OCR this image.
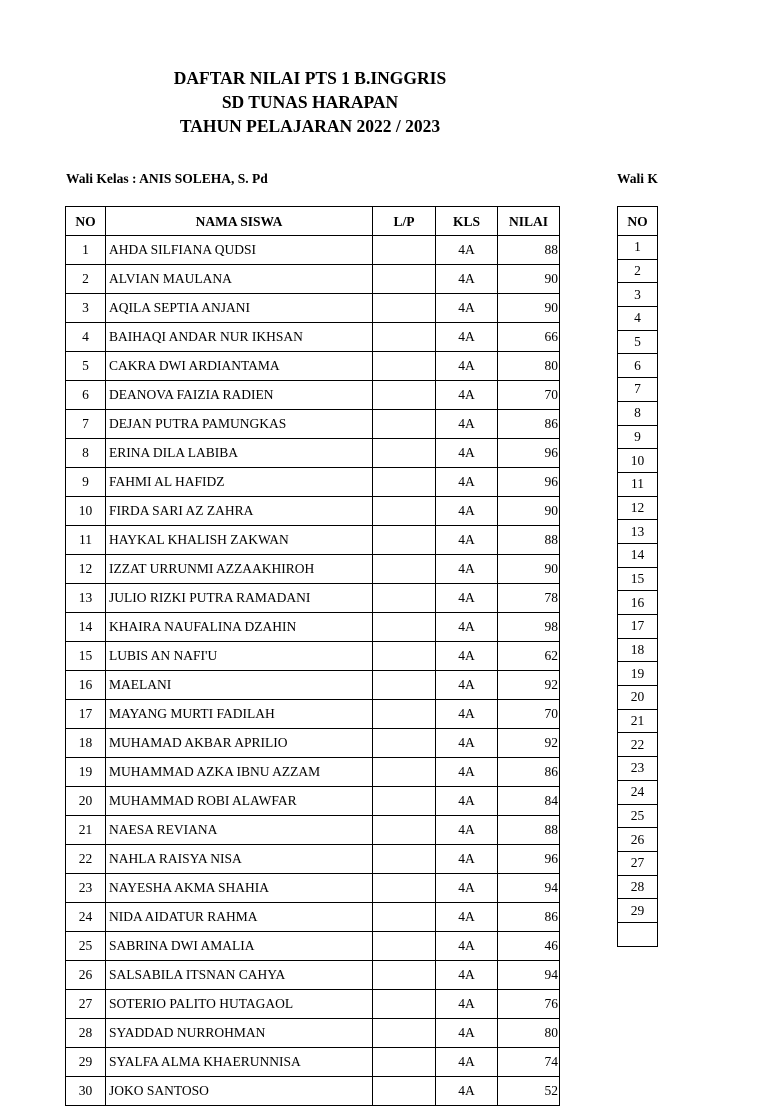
DAFTAR NILAI PTS 1 B.INGGRIS
SD TUNAS HARAPAN
TAHUN PELAJARAN 2022 / 2023
Wali Kelas : ANIS SOLEHA, S. Pd	Wali K
NO	NAMA SISWA	L/P	KLS	NILAI
1	AHDA SILFIANA QUDSI		4A	88
2	ALVIAN MAULANA		4A	90
3	AQILA SEPTIA ANJANI		4A	90
4	BAIHAQI ANDAR NUR IKHSAN		4A	66
5	CAKRA DWI ARDIANTAMA		4A	80
6	DEANOVA FAIZIA RADIEN		4A	70
7	DEJAN PUTRA PAMUNGKAS		4A	86
8	ERINA DILA LABIBA		4A	96
9	FAHMI AL HAFIDZ		4A	96
10	FIRDA SARI AZ ZAHRA		4A	90
11	HAYKAL KHALISH ZAKWAN		4A	88
12	IZZAT URRUNMI AZZAAKHIROH		4A	90
13	JULIO RIZKI PUTRA RAMADANI		4A	78
14	KHAIRA NAUFALINA DZAHIN		4A	98
15	LUBIS AN NAFI'U		4A	62
16	MAELANI		4A	92
17	MAYANG MURTI FADILAH		4A	70
18	MUHAMAD AKBAR APRILIO		4A	92
19	MUHAMMAD AZKA IBNU AZZAM		4A	86
20	MUHAMMAD ROBI ALAWFAR		4A	84
21	NAESA REVIANA		4A	88
22	NAHLA RAISYA NISA		4A	96
23	NAYESHA AKMA SHAHIA		4A	94
24	NIDA AIDATUR RAHMA		4A	86
25	SABRINA DWI AMALIA		4A	46
26	SALSABILA ITSNAN CAHYA		4A	94
27	SOTERIO PALITO HUTAGAOL		4A	76
28	SYADDAD NURROHMAN		4A	80
29	SYALFA ALMA KHAERUNNISA		4A	74
30	JOKO SANTOSO		4A	52
NO
1
2
3
4
5
6
7
8
9
10
11
12
13
14
15
16
17
18
19
20
21
22
23
24
25
26
27
28
29
